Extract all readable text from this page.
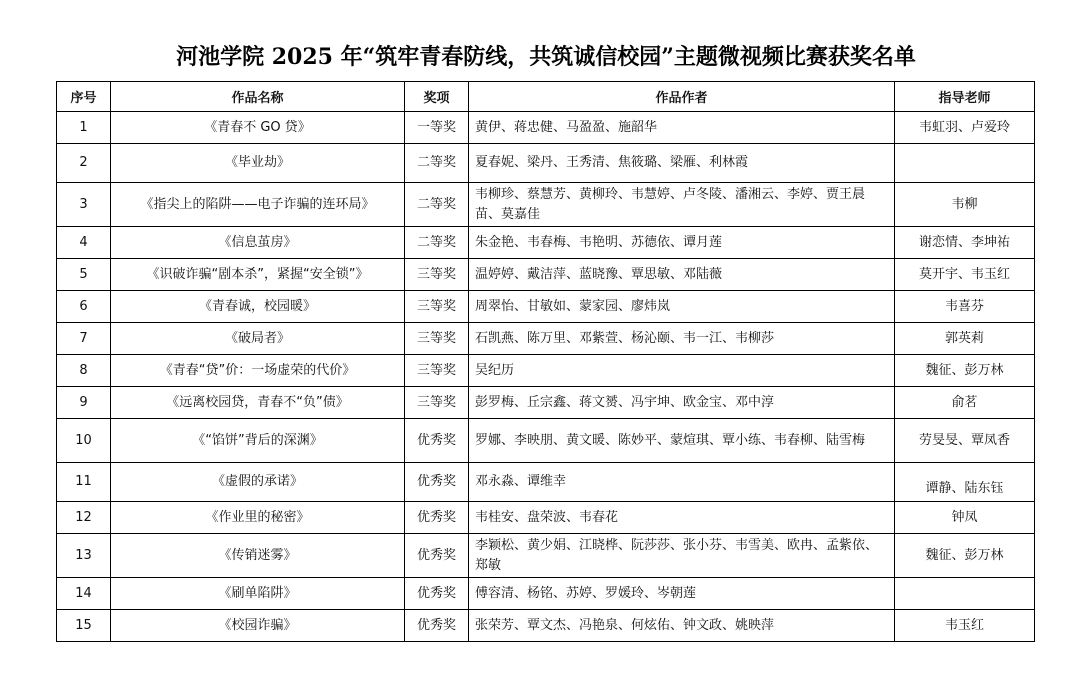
河池学院 2025 年“筑牢青春防线，共筑诚信校园”主题微视频比赛获奖名单
序号	作品名称	奖项	作品作者	指导老师
1	《青春不 GO 贷》	一等奖	黄伊、蒋忠健、马盈盈、施韶华	韦虹羽、卢爱玲
2	《毕业劫》	二等奖	夏春妮、梁丹、王秀清、焦筱璐、梁雁、利林霞	
3	《指尖上的陷阱——电子诈骗的连环局》	二等奖	韦柳珍、蔡慧芳、黄柳玲、韦慧婷、卢冬陵、潘湘云、李婷、贾王晨苗、莫嘉佳	韦柳
4	《信息茧房》	二等奖	朱金艳、韦春梅、韦艳明、苏德依、谭月莲	谢恋情、李坤祐
5	《识破诈骗“剧本杀”，紧握“安全锁”》	三等奖	温婷婷、戴洁萍、蓝晓豫、覃思敏、邓陆薇	莫开宇、韦玉红
6	《青春诚，校园暖》	三等奖	周翠怡、甘敏如、蒙家园、廖炜岚	韦喜芬
7	《破局者》	三等奖	石凯燕、陈万里、邓紫萱、杨沁颐、韦一江、韦柳莎	郭英莉
8	《青春“贷”价：一场虚荣的代价》	三等奖	吴纪历	魏征、彭万林
9	《远离校园贷，青春不“负”债》	三等奖	彭罗梅、丘宗鑫、蒋文赟、冯宇坤、欧金宝、邓中淳	俞茗
10	《“馅饼”背后的深渊》	优秀奖	罗娜、李映朋、黄文暖、陈妙平、蒙煊琪、覃小练、韦春柳、陆雪梅	劳旻旻、覃凤香
11	《虚假的承诺》	优秀奖	邓永淼、谭维幸	谭静、陆东钰
12	《作业里的秘密》	优秀奖	韦桂安、盘荣波、韦春花	钟凤
13	《传销迷雾》	优秀奖	李颖松、黄少娟、江晓桦、阮莎莎、张小芬、韦雪美、欧冉、孟紫依、郑敏	魏征、彭万林
14	《刷单陷阱》	优秀奖	傅容清、杨铭、苏婷、罗媛玲、岑朝莲	
15	《校园诈骗》	优秀奖	张荣芳、覃文杰、冯艳泉、何炫佑、钟文政、姚映萍	韦玉红
